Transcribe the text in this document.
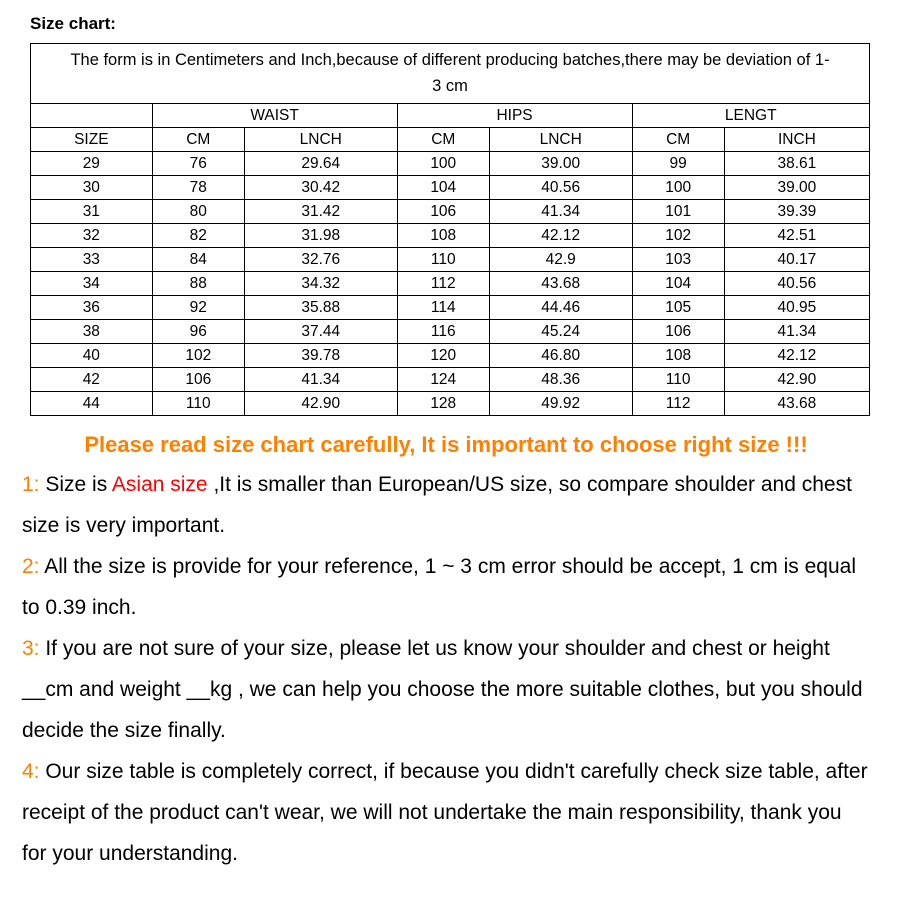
Size chart:
The form is in Centimeters and Inch,because of different producing batches,there may be deviation of 1-3 cm						
	WAIST		HIPS		LENGT	
SIZE	CM	LNCH	CM	LNCH	CM	INCH
29	76	29.64	100	39.00	99	38.61
30	78	30.42	104	40.56	100	39.00
31	80	31.42	106	41.34	101	39.39
32	82	31.98	108	42.12	102	42.51
33	84	32.76	110	42.9	103	40.17
34	88	34.32	112	43.68	104	40.56
36	92	35.88	114	44.46	105	40.95
38	96	37.44	116	45.24	106	41.34
40	102	39.78	120	46.80	108	42.12
42	106	41.34	124	48.36	110	42.90
44	110	42.90	128	49.92	112	43.68
Please read size chart carefully, It is important to choose right size !!!

1: Size is Asian size ,It is smaller than European/US size, so compare shoulder and chest size is very important.

2: All the size is provide for your reference, 1 ~ 3 cm error should be accept, 1 cm is equal to 0.39 inch.

3: If you are not sure of your size, please let us know your shoulder and chest or height __cm and weight __kg , we can help you choose the more suitable clothes, but you should decide the size finally.

4: Our size table is completely correct, if because you didn't carefully check size table, after receipt of the product can't wear, we will not undertake the main responsibility, thank you for your understanding.
